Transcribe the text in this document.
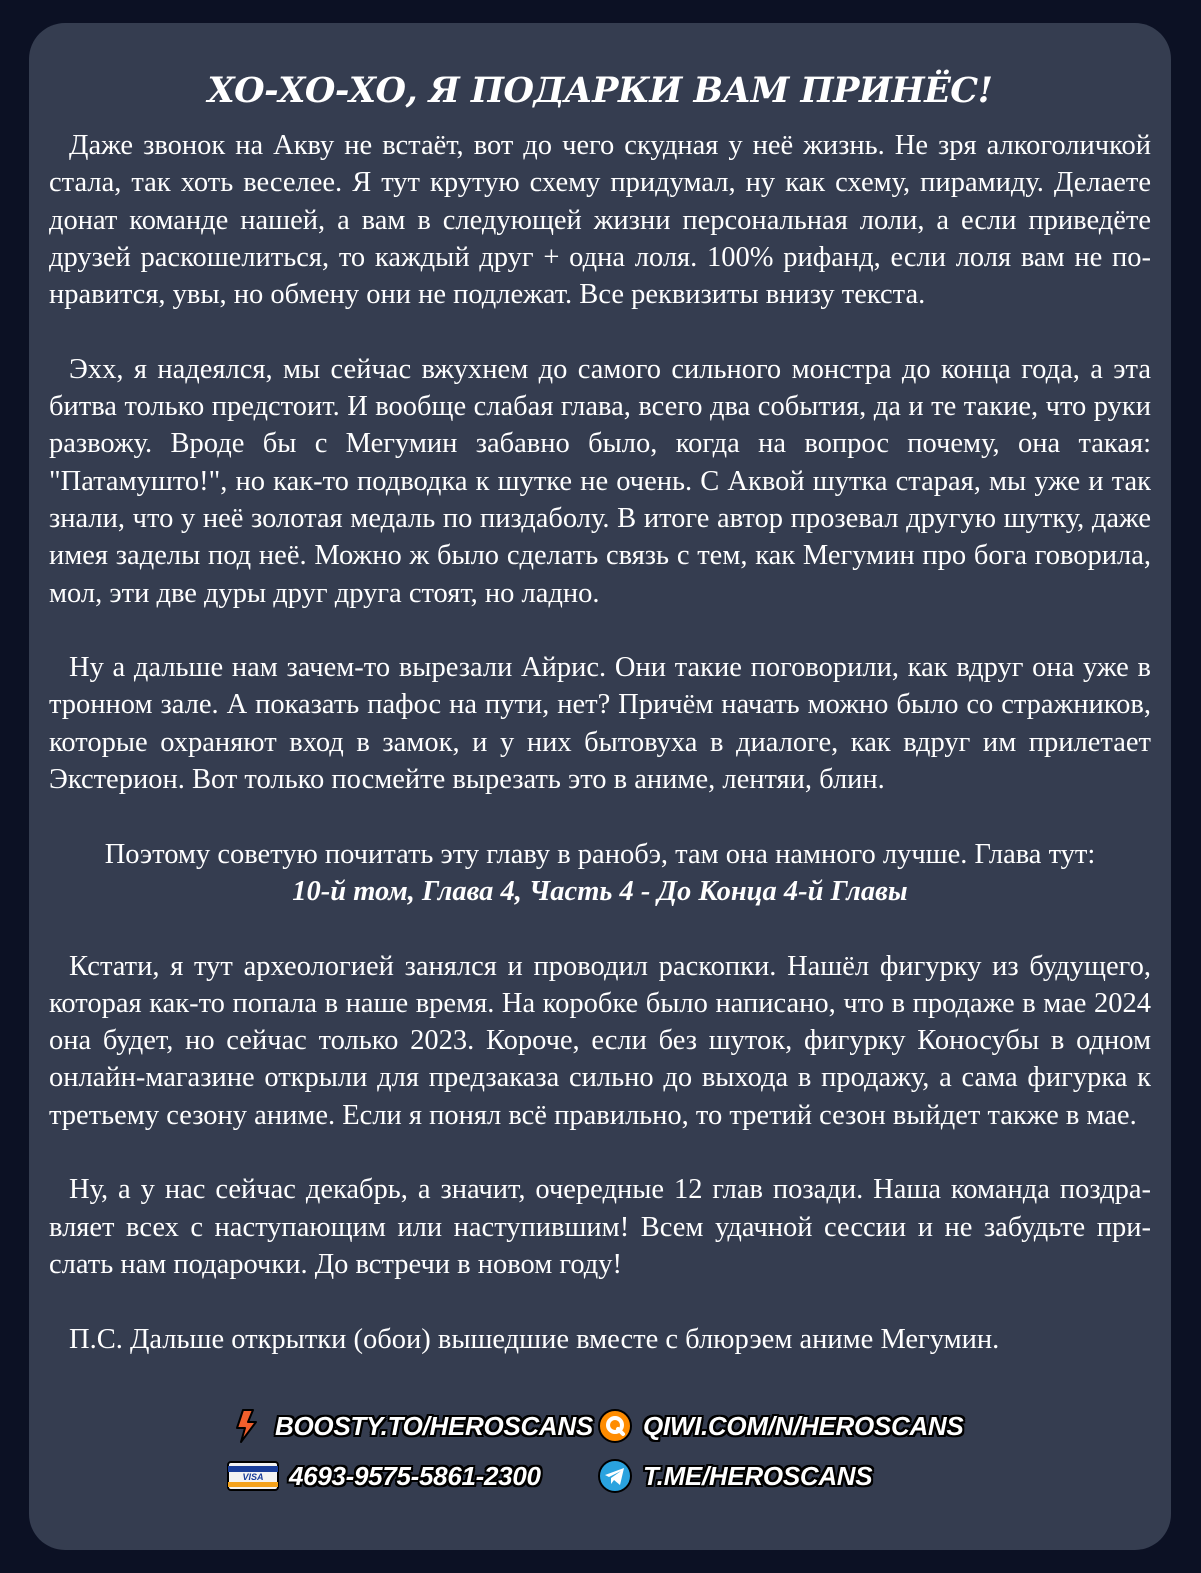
ХО-ХО-ХО, Я ПОДАРКИ ВАМ ПРИНЁС!

Даже звонок на Акву не встаёт, вот до чего скудная у неё жизнь. Не зря алкоголичкой стала, так хоть веселее. Я тут крутую схему придумал, ну как схему, пирамиду. Делаете донат команде нашей, а вам в следующей жизни персональная лоли, а если приведёте друзей раскошелиться, то каждый друг + одна лоля. 100% рифанд, если лоля вам не понравится, увы, но обмену они не подлежат. Все реквизиты внизу текста.

Эхх, я надеялся, мы сейчас вжухнем до самого сильного монстра до конца года, а эта битва только предстоит. И вообще слабая глава, всего два события, да и те такие, что руки развожу. Вроде бы с Мегумин забавно было, когда на вопрос почему, она такая: "Патамушто!", но как-то подводка к шутке не очень. С Аквой шутка старая, мы уже и так знали, что у неё золотая медаль по пиздаболу. В итоге автор прозевал другую шутку, даже имея заделы под неё. Можно ж было сделать связь с тем, как Мегумин про бога говорила, мол, эти две дуры друг друга стоят, но ладно.

Ну а дальше нам зачем-то вырезали Айрис. Они такие поговорили, как вдруг она уже в тронном зале. А показать пафос на пути, нет? Причём начать можно было со стражников, которые охраняют вход в замок, и у них бытовуха в диалоге, как вдруг им прилетает Экстерион. Вот только посмейте вырезать это в аниме, лентяи, блин.

Поэтому советую почитать эту главу в ранобэ, там она намного лучше. Глава тут:

10-й том, Глава 4, Часть 4 - До Конца 4-й Главы

Кстати, я тут археологией занялся и проводил раскопки. Нашёл фигурку из будущего, которая как-то попала в наше время. На коробке было написано, что в продаже в мае 2024 она будет, но сейчас только 2023. Короче, если без шуток, фигурку Коносубы в одном онлайн-магазине открыли для предзаказа сильно до выхода в продажу, а сама фигурка к третьему сезону аниме. Если я понял всё правильно, то третий сезон выйдет также в мае.

Ну, а у нас сейчас декабрь, а значит, очередные 12 глав позади. Наша команда поздравляет всех с наступающим или наступившим! Всем удачной сессии и не забудьте прислать нам подарочки. До встречи в новом году!

П.С. Дальше открытки (обои) вышедшие вместе с блюрэем аниме Мегумин.

BOOSTY.TO/HEROSCANS QIWI.COM/N/HEROSCANS
VISA 4693-9575-5861-2300	T.ME/HEROSCANS
